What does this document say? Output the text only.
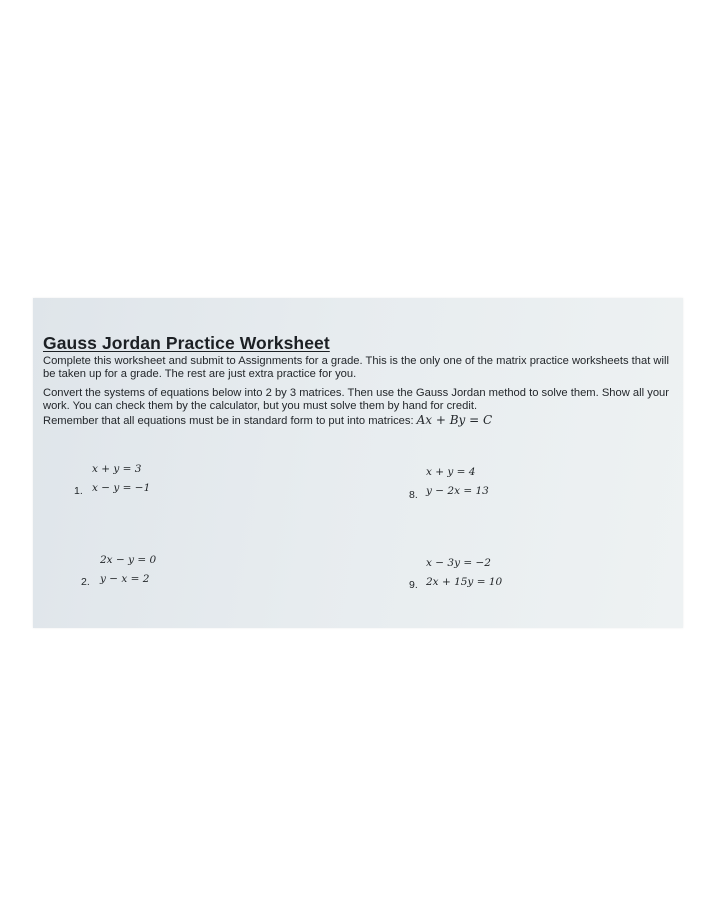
Gauss Jordan Practice Worksheet

Complete this worksheet and submit to Assignments for a grade. This is the only one of the matrix practice worksheets that will be taken up for a grade. The rest are just extra practice for you.

Convert the systems of equations below into 2 by 3 matrices. Then use the Gauss Jordan method to solve them. Show all your work. You can check them by the calculator, but you must solve them by hand for credit.

Remember that all equations must be in standard form to put into matrices: Ax + By = C

x + y = 3
x − y = −1
1.
x + y = 4
y − 2x = 13
8.
2x − y = 0
y − x = 2
2.
x − 3y = −2
2x + 15y = 10
9.
